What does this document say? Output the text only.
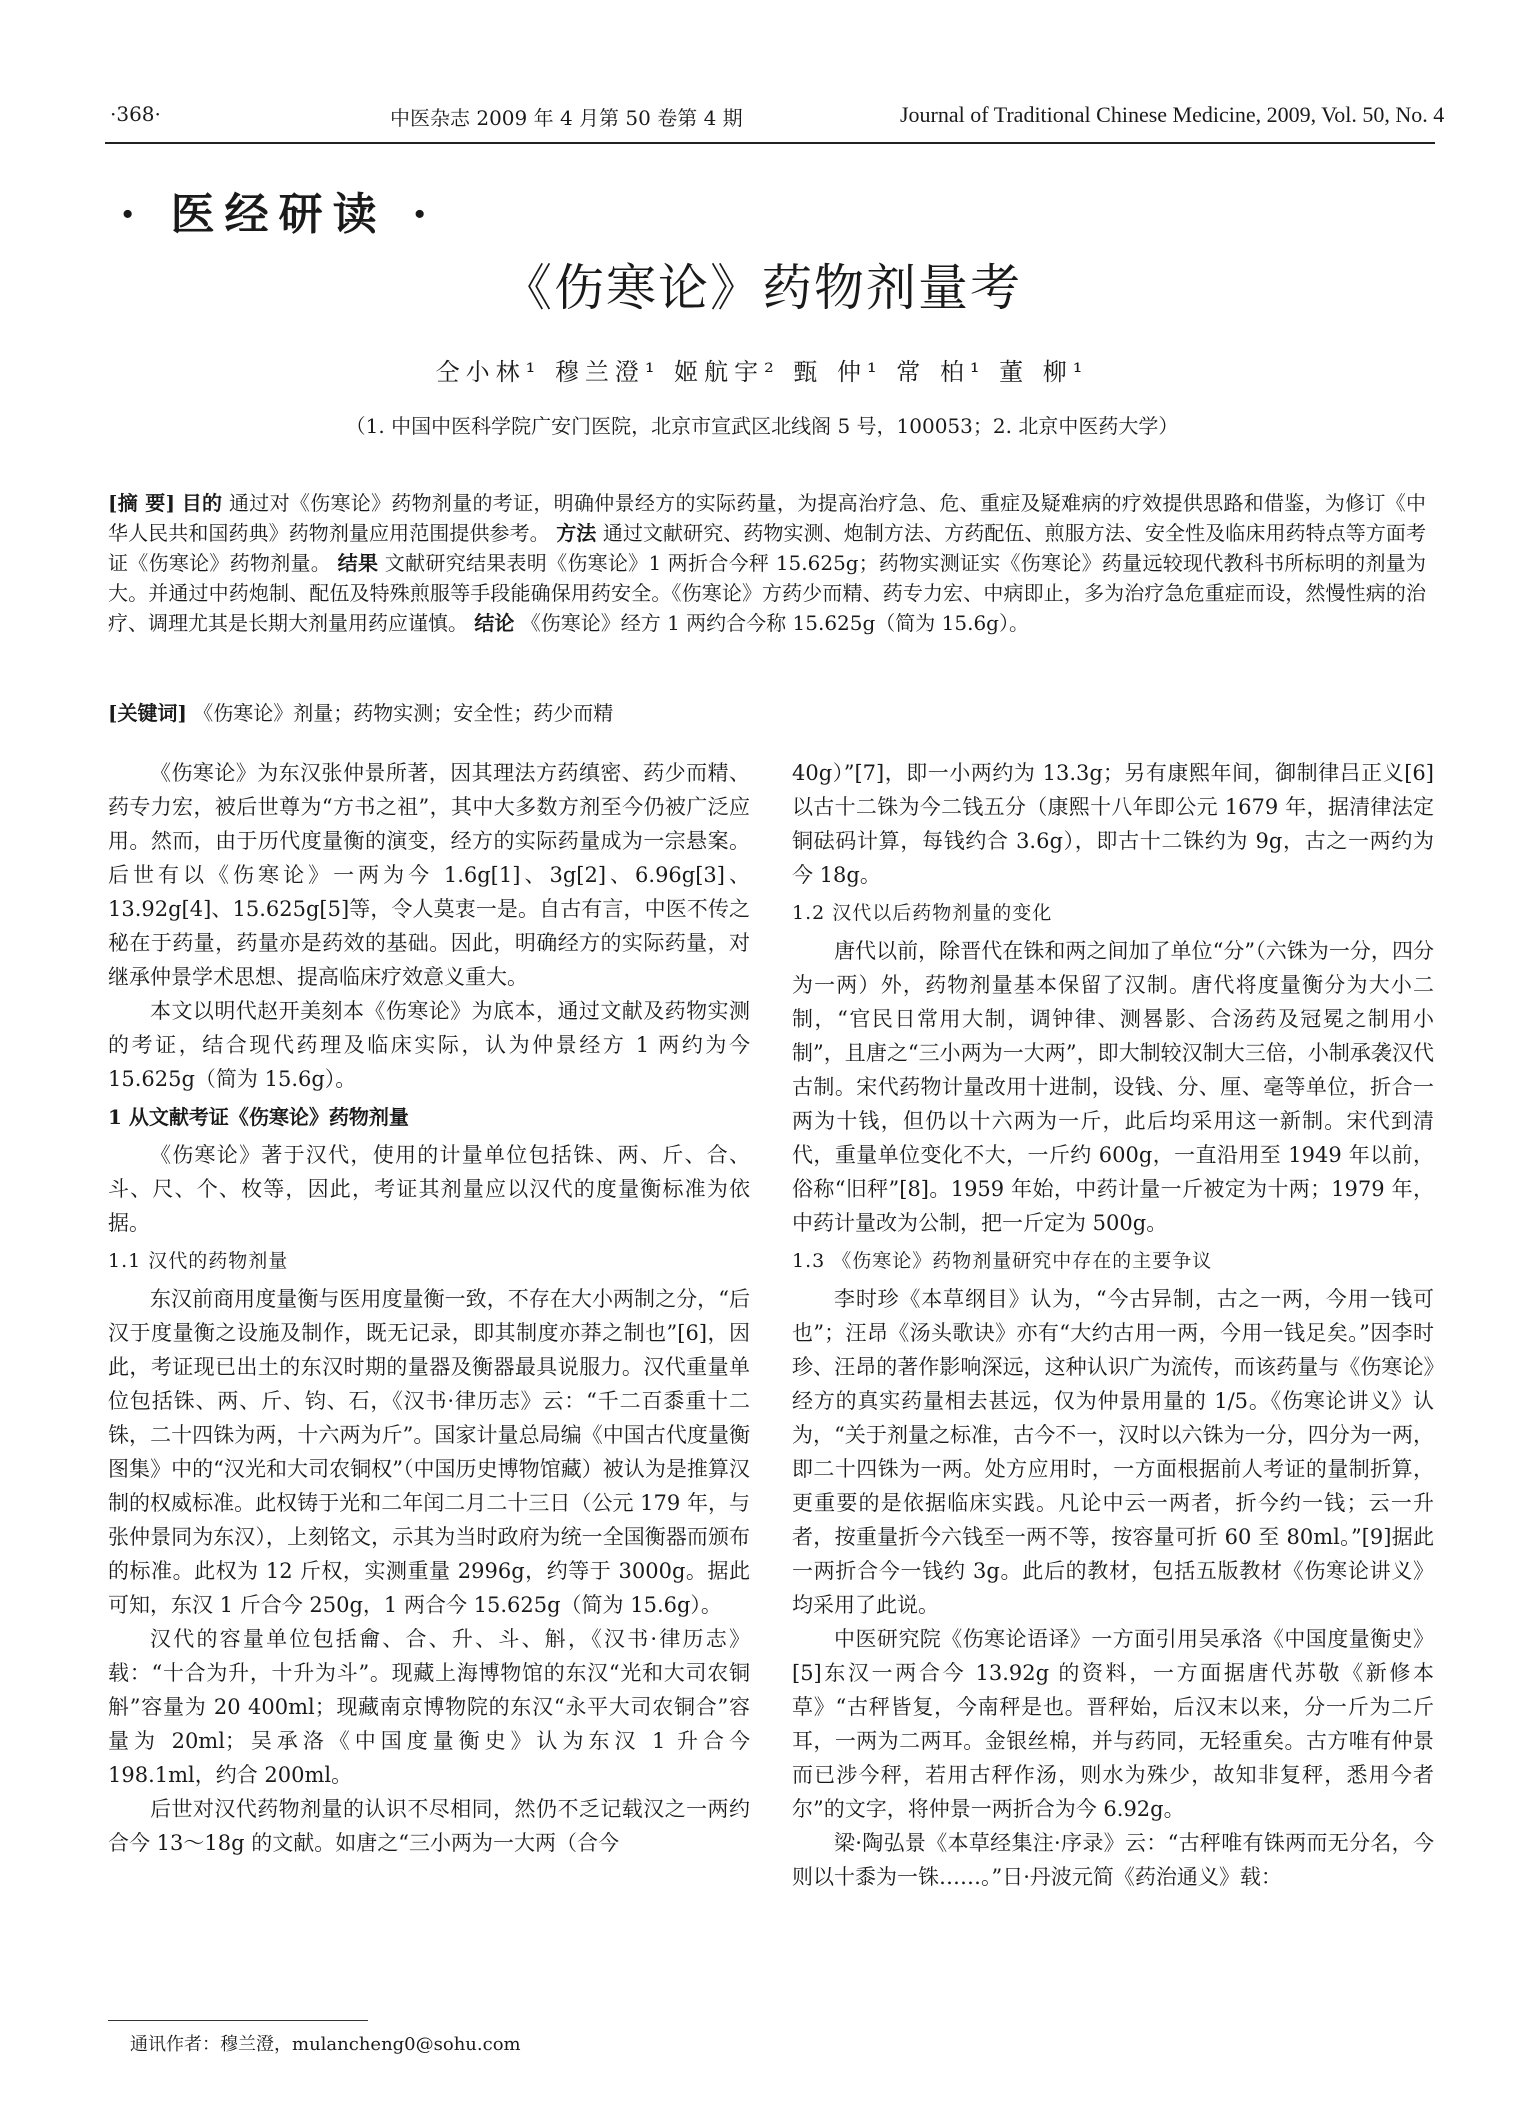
·368·	中医杂志 2009 年 4 月第 50 卷第 4 期	Journal of Traditional Chinese Medicine, 2009, Vol. 50, No. 4
· 医经研读 ·
《伤寒论》药物剂量考
仝小林¹ 穆兰澄¹ 姬航宇² 甄 仲¹ 常 柏¹ 董 柳¹
（1. 中国中医科学院广安门医院，北京市宣武区北线阁 5 号，100053；2. 北京中医药大学）
[摘 要] 目的 通过对《伤寒论》药物剂量的考证，明确仲景经方的实际药量，为提高治疗急、危、重症及疑难病的疗效提供思路和借鉴，为修订《中华人民共和国药典》药物剂量应用范围提供参考。 方法 通过文献研究、药物实测、炮制方法、方药配伍、煎服方法、安全性及临床用药特点等方面考证《伤寒论》药物剂量。 结果 文献研究结果表明《伤寒论》1 两折合今秤 15.625g；药物实测证实《伤寒论》药量远较现代教科书所标明的剂量为大。并通过中药炮制、配伍及特殊煎服等手段能确保用药安全。《伤寒论》方药少而精、药专力宏、中病即止，多为治疗急危重症而设，然慢性病的治疗、调理尤其是长期大剂量用药应谨慎。 结论 《伤寒论》经方 1 两约合今称 15.625g（简为 15.6g）。
[关键词] 《伤寒论》剂量；药物实测；安全性；药少而精

《伤寒论》为东汉张仲景所著，因其理法方药缜密、药少而精、药专力宏，被后世尊为“方书之祖”，其中大多数方剂至今仍被广泛应用。然而，由于历代度量衡的演变，经方的实际药量成为一宗悬案。后世有以《伤寒论》一两为今 1.6g[1]、3g[2]、6.96g[3]、13.92g[4]、15.625g[5]等，令人莫衷一是。自古有言，中医不传之秘在于药量，药量亦是药效的基础。因此，明确经方的实际药量，对继承仲景学术思想、提高临床疗效意义重大。

本文以明代赵开美刻本《伤寒论》为底本，通过文献及药物实测的考证，结合现代药理及临床实际，认为仲景经方 1 两约为今 15.625g（简为 15.6g）。

1 从文献考证《伤寒论》药物剂量

《伤寒论》著于汉代，使用的计量单位包括铢、两、斤、合、斗、尺、个、枚等，因此，考证其剂量应以汉代的度量衡标准为依据。

1.1 汉代的药物剂量

东汉前商用度量衡与医用度量衡一致，不存在大小两制之分，“后汉于度量衡之设施及制作，既无记录，即其制度亦莽之制也”[6]，因此，考证现已出土的东汉时期的量器及衡器最具说服力。汉代重量单位包括铢、两、斤、钧、石，《汉书·律历志》云：“千二百黍重十二铢，二十四铢为两，十六两为斤”。国家计量总局编《中国古代度量衡图集》中的“汉光和大司农铜权”（中国历史博物馆藏）被认为是推算汉制的权威标准。此权铸于光和二年闰二月二十三日（公元 179 年，与张仲景同为东汉），上刻铭文，示其为当时政府为统一全国衡器而颁布的标准。此权为 12 斤权，实测重量 2996g，约等于 3000g。据此可知，东汉 1 斤合今 250g，1 两合今 15.625g（简为 15.6g）。

汉代的容量单位包括龠、合、升、斗、斛，《汉书·律历志》载：“十合为升，十升为斗”。现藏上海博物馆的东汉“光和大司农铜斛”容量为 20 400ml；现藏南京博物院的东汉“永平大司农铜合”容量为 20ml；吴承洛《中国度量衡史》认为东汉 1 升合今 198.1ml，约合 200ml。

后世对汉代药物剂量的认识不尽相同，然仍不乏记载汉之一两约合今 13～18g 的文献。如唐之“三小两为一大两（合今

40g）”[7]，即一小两约为 13.3g；另有康熙年间，御制律吕正义[6]以古十二铢为今二钱五分（康熙十八年即公元 1679 年，据清律法定铜砝码计算，每钱约合 3.6g），即古十二铢约为 9g，古之一两约为今 18g。

1.2 汉代以后药物剂量的变化

唐代以前，除晋代在铢和两之间加了单位“分”（六铢为一分，四分为一两）外，药物剂量基本保留了汉制。唐代将度量衡分为大小二制，“官民日常用大制，调钟律、测晷影、合汤药及冠冕之制用小制”，且唐之“三小两为一大两”，即大制较汉制大三倍，小制承袭汉代古制。宋代药物计量改用十进制，设钱、分、厘、毫等单位，折合一两为十钱，但仍以十六两为一斤，此后均采用这一新制。宋代到清代，重量单位变化不大，一斤约 600g，一直沿用至 1949 年以前，俗称“旧秤”[8]。1959 年始，中药计量一斤被定为十两；1979 年，中药计量改为公制，把一斤定为 500g。

1.3 《伤寒论》药物剂量研究中存在的主要争议

李时珍《本草纲目》认为，“今古异制，古之一两，今用一钱可也”；汪昂《汤头歌诀》亦有“大约古用一两，今用一钱足矣。”因李时珍、汪昂的著作影响深远，这种认识广为流传，而该药量与《伤寒论》经方的真实药量相去甚远，仅为仲景用量的 1/5。《伤寒论讲义》认为，“关于剂量之标准，古今不一，汉时以六铢为一分，四分为一两，即二十四铢为一两。处方应用时，一方面根据前人考证的量制折算，更重要的是依据临床实践。凡论中云一两者，折今约一钱；云一升者，按重量折今六钱至一两不等，按容量可折 60 至 80ml。”[9]据此一两折合今一钱约 3g。此后的教材，包括五版教材《伤寒论讲义》均采用了此说。

中医研究院《伤寒论语译》一方面引用吴承洛《中国度量衡史》[5]东汉一两合今 13.92g 的资料，一方面据唐代苏敬《新修本草》“古秤皆复，今南秤是也。晋秤始，后汉末以来，分一斤为二斤耳，一两为二两耳。金银丝棉，并与药同，无轻重矣。古方唯有仲景而已涉今秤，若用古秤作汤，则水为殊少，故知非复秤，悉用今者尔”的文字，将仲景一两折合为今 6.92g。

梁·陶弘景《本草经集注·序录》云：“古秤唯有铢两而无分名，今则以十黍为一铢……。”日·丹波元简《药治通义》载：

通讯作者：穆兰澄，mulancheng0@sohu.com
